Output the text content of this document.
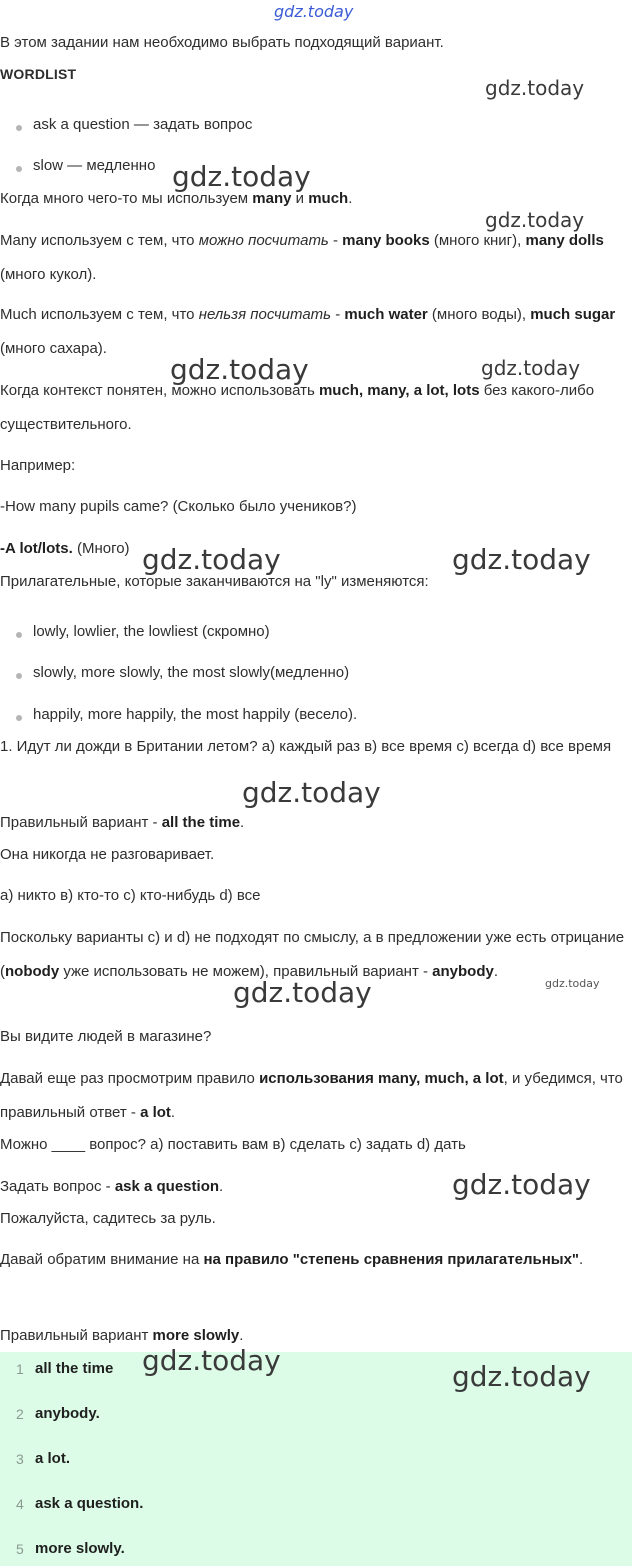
gdz.today

В этом задании нам необходимо выбрать подходящий вариант.

WORDLIST

gdz.today
ask a question — задать вопрос
slow — медленно gdz.today

Когда много чего-то мы используем many и much.

gdz.today

Many используем с тем, что можно посчитать - many books (много книг), many dolls (много кукол).

Much используем с тем, что нельзя посчитать - much water (много воды), much sugar (много сахара).

gdz.today	gdz.today

Когда контекст понятен, можно использовать much, many, a lot, lots без какого-либо существительного.

Например:

-How many pupils came? (Сколько было учеников?)

-A lot/lots. (Много) gdz.today	gdz.today

Прилагательные, которые заканчиваются на "ly" изменяются:

lowly, lowlier, the lowliest (скромно)
slowly, more slowly, the most slowly(медленно)
happily, more happily, the most happily (весело).

1. Идут ли дожди в Британии летом? а) каждый раз в) все время с) всегда d) все время

gdz.today

Правильный вариант - all the time.

Она никогда не разговаривает.

а) никто в) кто-то с) кто-нибудь d) все

Поскольку варианты с) и d) не подходят по смыслу, а в предложении уже есть отрицание (nobody уже использовать не можем), правильный вариант - anybody.

gdz.today	gdz.today

Вы видите людей в магазине?

Давай еще раз просмотрим правило использования many, much, a lot, и убедимся, что правильный ответ - a lot.

Можно ____ вопрос? а) поставить вам в) сделать с) задать d) дать

Задать вопрос - ask a question.	gdz.today

Пожалуйста, садитесь за руль.

Давай обратим внимание на на правило "степень сравнения прилагательных".

Правильный вариант more slowly.

1 all the time
2 anybody.
3 a lot.
4 ask a question.
5 more slowly.
gdz.today	gdz.today
